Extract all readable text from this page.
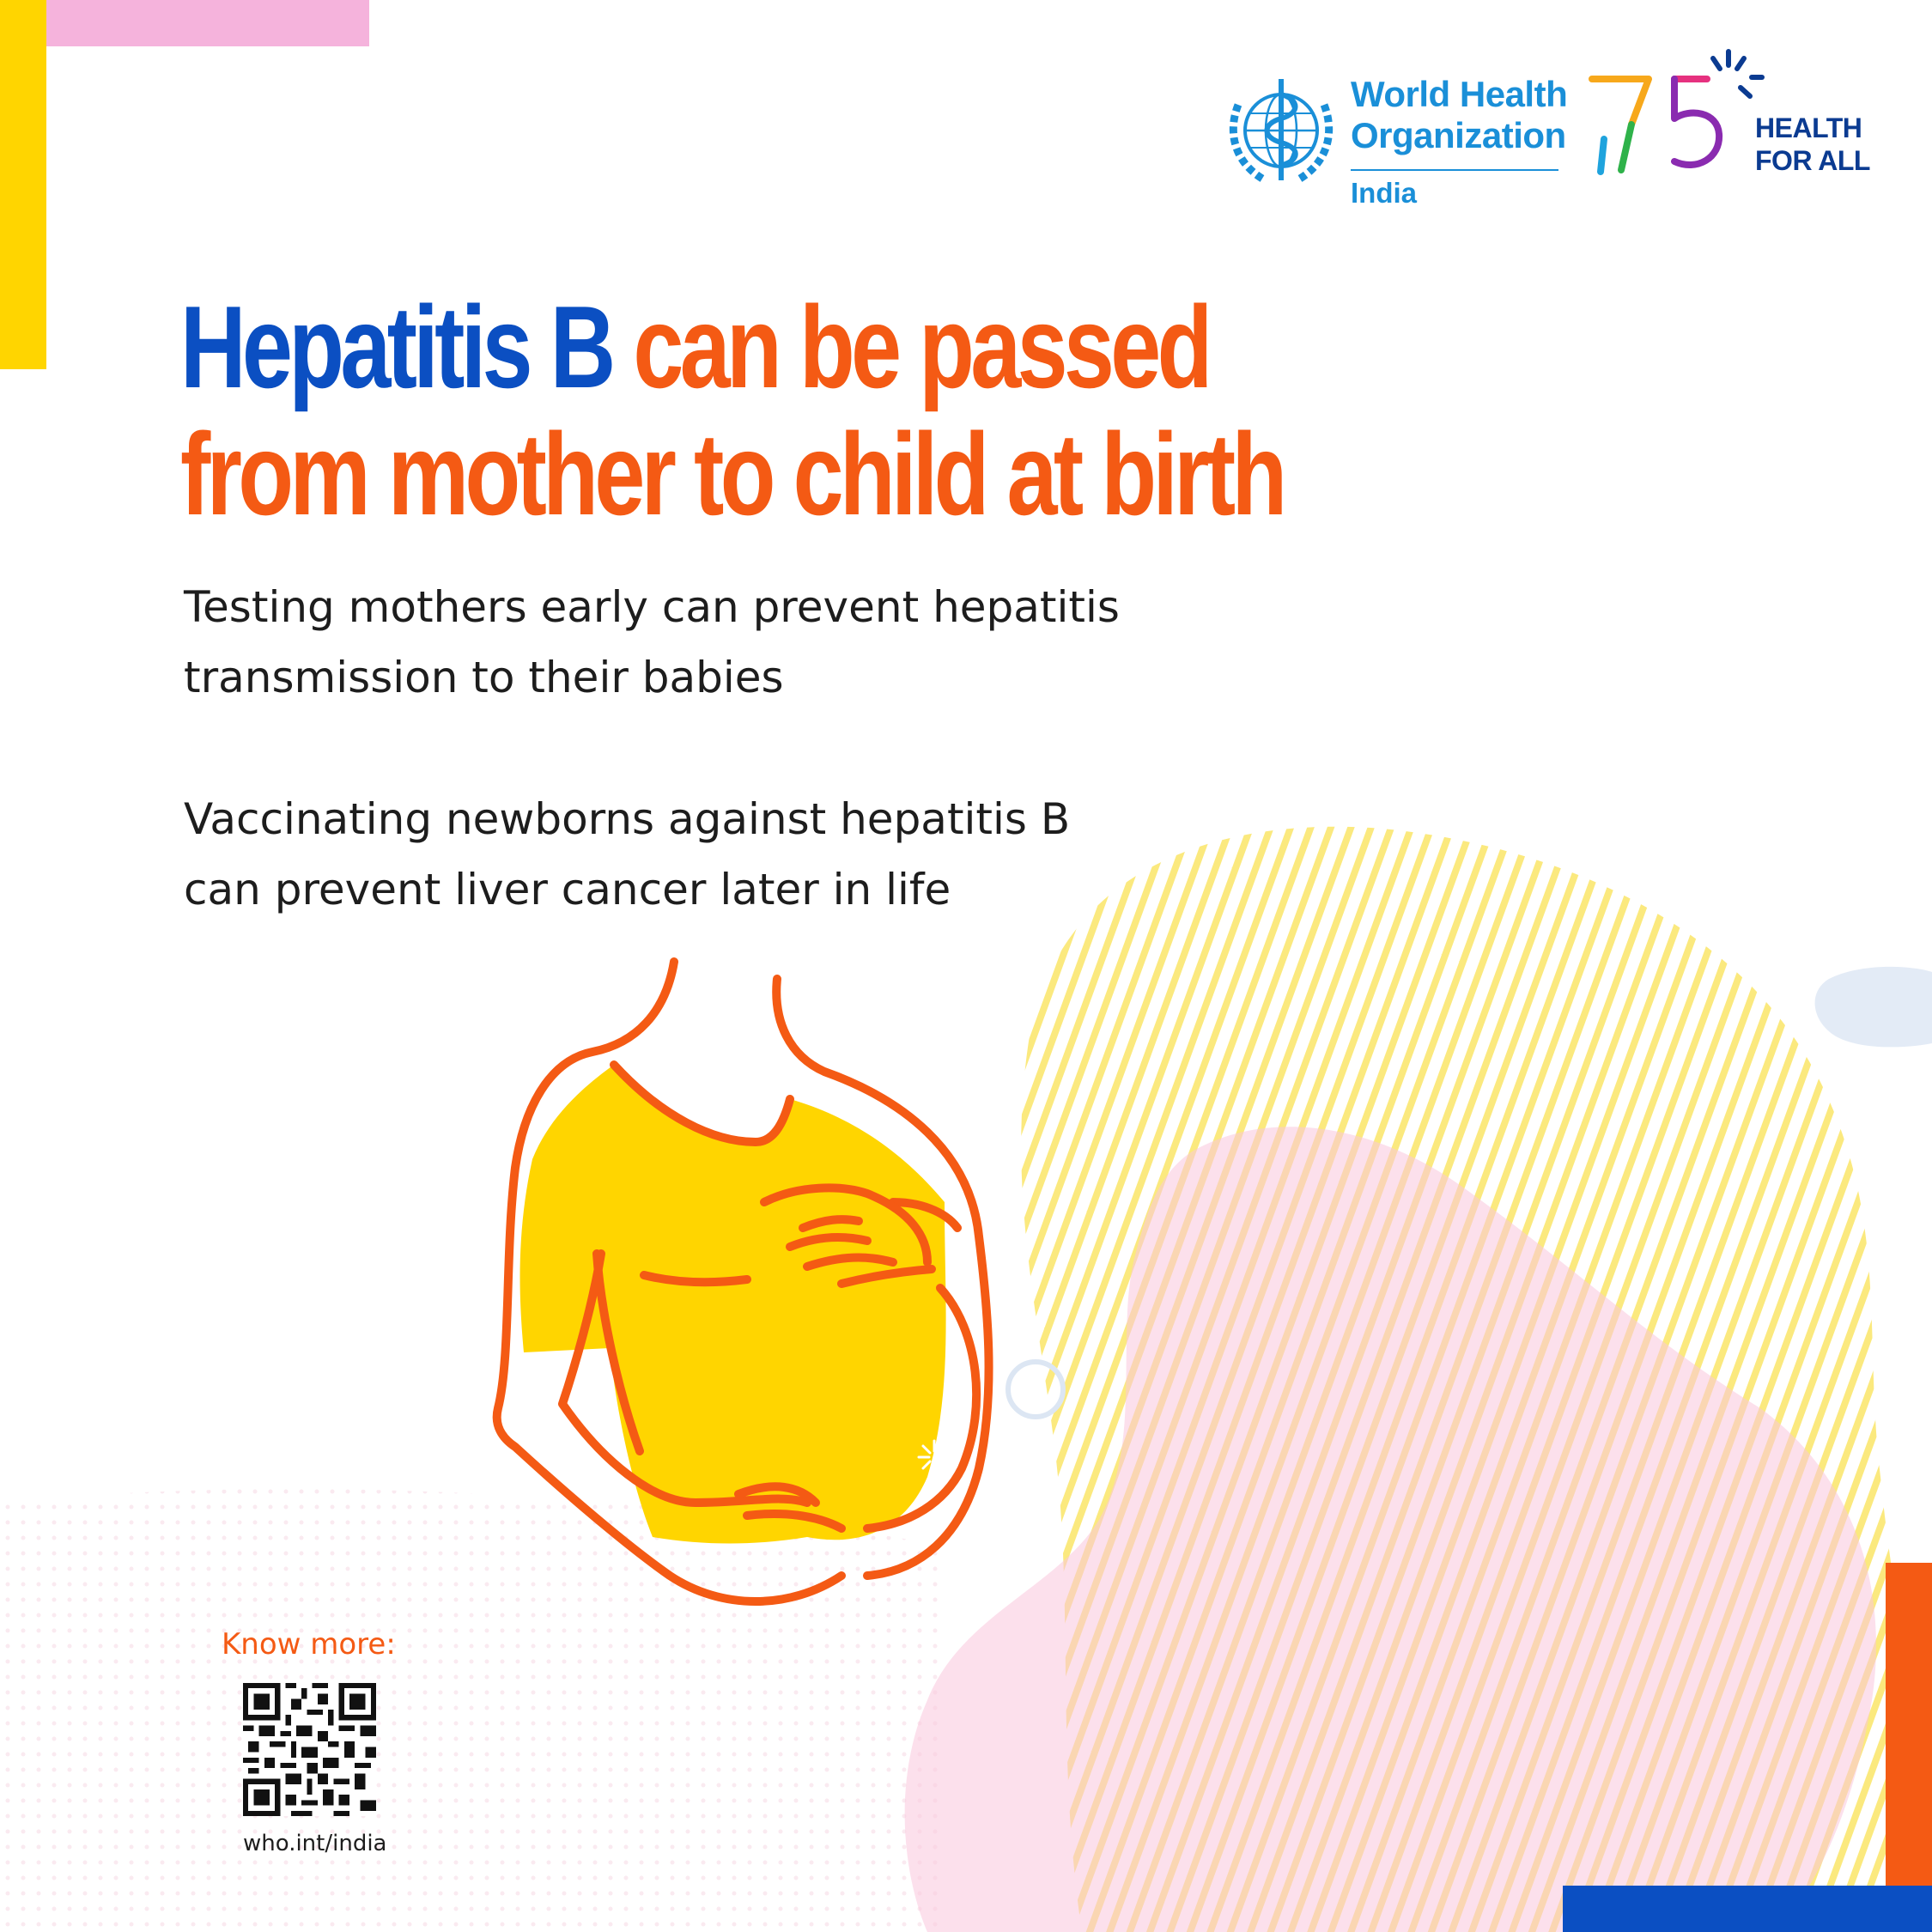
World Health
Organization
India
HEALTH
FOR ALL
Hepatitis B can be passed
from mother to child at birth
Testing mothers early can prevent hepatitis
transmission to their babies
Vaccinating newborns against hepatitis B
can prevent liver cancer later in life
Know more:
who.int/india
